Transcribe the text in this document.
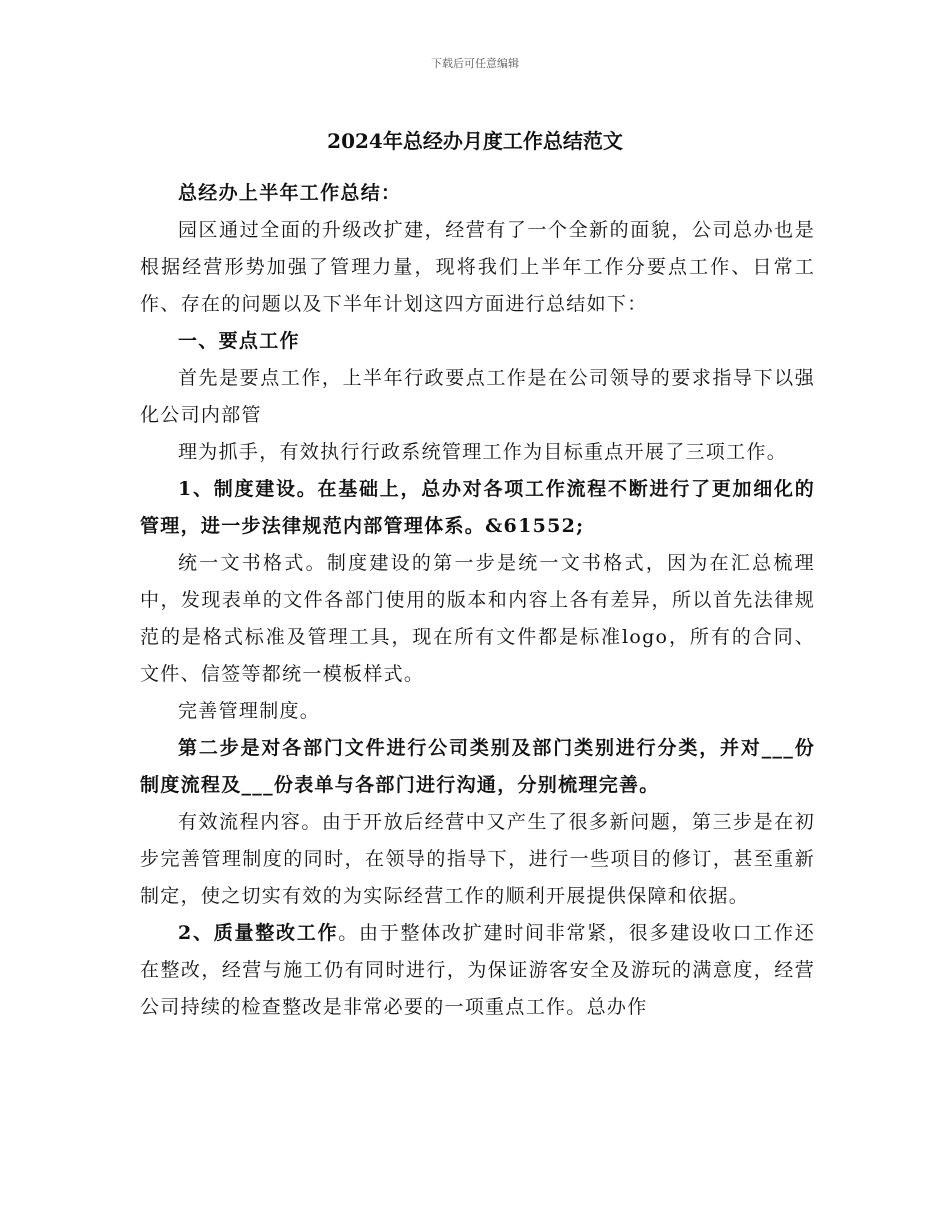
下载后可任意编辑
2024年总经办月度工作总结范文

总经办上半年工作总结：

园区通过全面的升级改扩建，经营有了一个全新的面貌，公司总办也是根据经营形势加强了管理力量，现将我们上半年工作分要点工作、日常工作、存在的问题以及下半年计划这四方面进行总结如下：

一、要点工作

首先是要点工作，上半年行政要点工作是在公司领导的要求指导下以强化公司内部管

理为抓手，有效执行行政系统管理工作为目标重点开展了三项工作。

1、制度建设。在基础上，总办对各项工作流程不断进行了更加细化的管理，进一步法律规范内部管理体系。&61552;

统一文书格式。制度建设的第一步是统一文书格式，因为在汇总梳理中，发现表单的文件各部门使用的版本和内容上各有差异，所以首先法律规范的是格式标准及管理工具，现在所有文件都是标准logo，所有的合同、文件、信签等都统一模板样式。

完善管理制度。

第二步是对各部门文件进行公司类别及部门类别进行分类，并对___份制度流程及___份表单与各部门进行沟通，分别梳理完善。

有效流程内容。由于开放后经营中又产生了很多新问题，第三步是在初步完善管理制度的同时，在领导的指导下，进行一些项目的修订，甚至重新制定，使之切实有效的为实际经营工作的顺利开展提供保障和依据。

2、质量整改工作。由于整体改扩建时间非常紧，很多建设收口工作还在整改，经营与施工仍有同时进行，为保证游客安全及游玩的满意度，经营公司持续的检查整改是非常必要的一项重点工作。总办作
